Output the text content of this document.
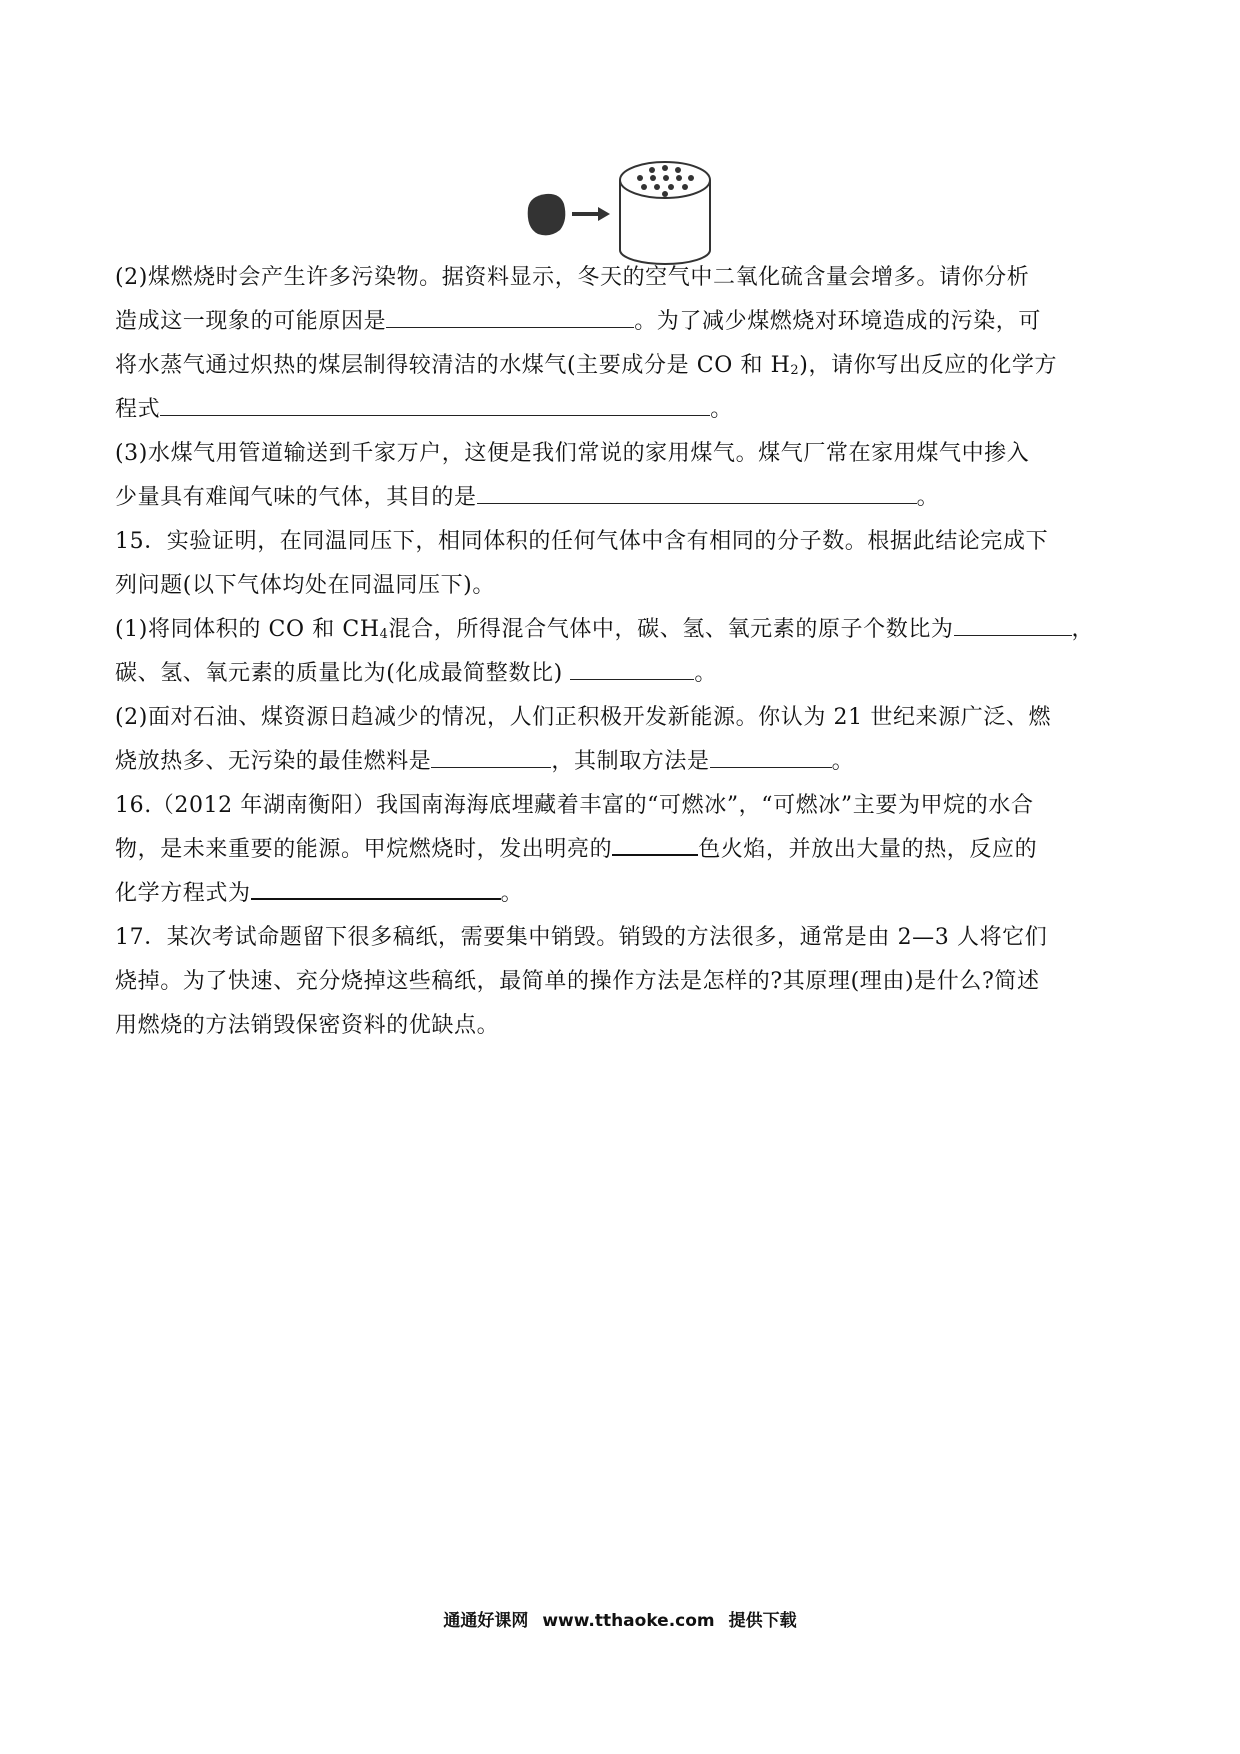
(2)煤燃烧时会产生许多污染物。据资料显示，冬天的空气中二氧化硫含量会增多。请你分析
造成这一现象的可能原因是	。为了减少煤燃烧对环境造成的污染，可
将水蒸气通过炽热的煤层制得较清洁的水煤气(主要成分是 CO 和 $H_2$)，请你写出反应的化学方
程式	。
(3)水煤气用管道输送到千家万户，这便是我们常说的家用煤气。煤气厂常在家用煤气中掺入
少量具有难闻气味的气体，其目的是	。
15．实验证明，在同温同压下，相同体积的任何气体中含有相同的分子数。根据此结论完成下
列问题(以下气体均处在同温同压下)。
(1)将同体积的 CO 和 $CH_4$混合，所得混合气体中，碳、氢、氧元素的原子个数比为	，
碳、氢、氧元素的质量比为(化成最简整数比)	。
(2)面对石油、煤资源日趋减少的情况，人们正积极开发新能源。你认为 21 世纪来源广泛、燃
烧放热多、无污染的最佳燃料是	，其制取方法是	。
16.（2012 年湖南衡阳）我国南海海底埋藏着丰富的“可燃冰”，“可燃冰”主要为甲烷的水合
物，是未来重要的能源。甲烷燃烧时，发出明亮的	色火焰，并放出大量的热，反应的
化学方程式为	。
17．某次考试命题留下很多稿纸，需要集中销毁。销毁的方法很多，通常是由 2—3 人将它们
烧掉。为了快速、充分烧掉这些稿纸，最简单的操作方法是怎样的?其原理(理由)是什么?简述
用燃烧的方法销毁保密资料的优缺点。
通通好课网 www.tthaoke.com 提供下载
